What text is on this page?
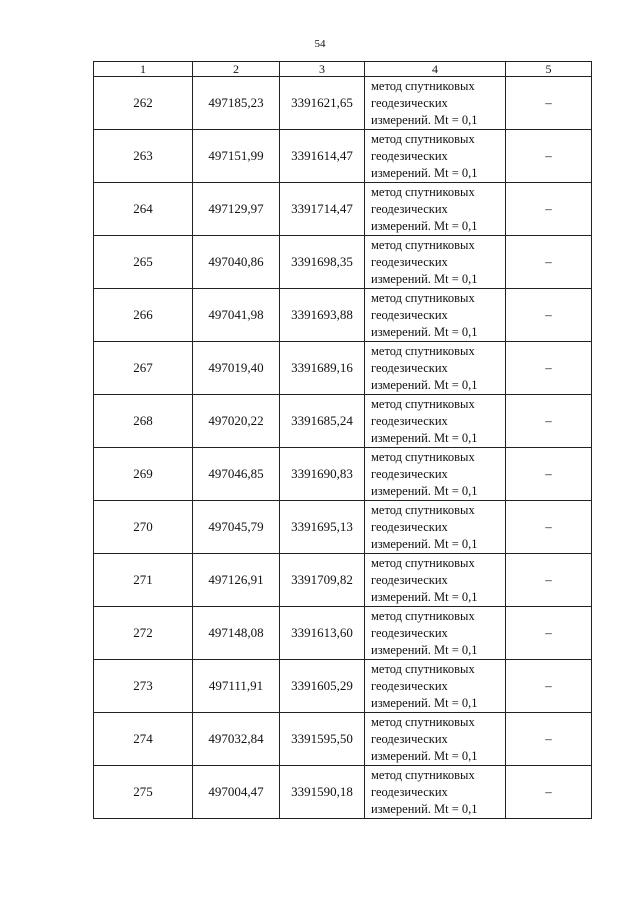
54
1	2	3	4	5
262	497185,23	3391621,65	метод спутниковых
геодезических
измерений. Mt = 0,1	–
263	497151,99	3391614,47	метод спутниковых
геодезических
измерений. Mt = 0,1	–
264	497129,97	3391714,47	метод спутниковых
геодезических
измерений. Mt = 0,1	–
265	497040,86	3391698,35	метод спутниковых
геодезических
измерений. Mt = 0,1	–
266	497041,98	3391693,88	метод спутниковых
геодезических
измерений. Mt = 0,1	–
267	497019,40	3391689,16	метод спутниковых
геодезических
измерений. Mt = 0,1	–
268	497020,22	3391685,24	метод спутниковых
геодезических
измерений. Mt = 0,1	–
269	497046,85	3391690,83	метод спутниковых
геодезических
измерений. Mt = 0,1	–
270	497045,79	3391695,13	метод спутниковых
геодезических
измерений. Mt = 0,1	–
271	497126,91	3391709,82	метод спутниковых
геодезических
измерений. Mt = 0,1	–
272	497148,08	3391613,60	метод спутниковых
геодезических
измерений. Mt = 0,1	–
273	497111,91	3391605,29	метод спутниковых
геодезических
измерений. Mt = 0,1	–
274	497032,84	3391595,50	метод спутниковых
геодезических
измерений. Mt = 0,1	–
275	497004,47	3391590,18	метод спутниковых
геодезических
измерений. Mt = 0,1	–
